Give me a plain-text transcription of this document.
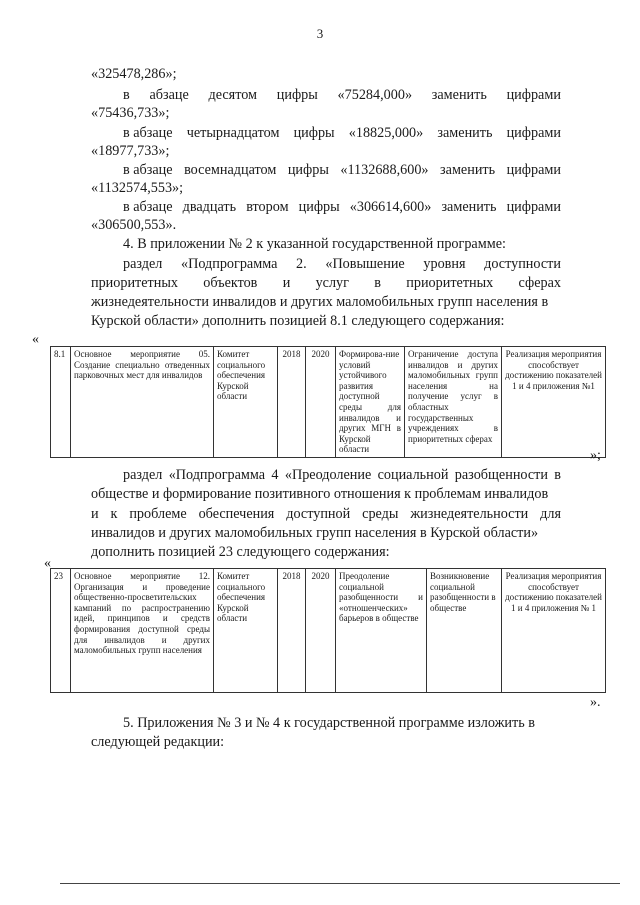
3
«325478,286»;
в абзаце десятом цифры «75284,000» заменить цифрами
«75436,733»;
в абзаце четырнадцатом цифры «18825,000» заменить цифрами
«18977,733»;
в абзаце восемнадцатом цифры «1132688,600» заменить цифрами
«1132574,553»;
в абзаце двадцать втором цифры «306614,600» заменить цифрами
«306500,553».
4. В приложении № 2 к указанной государственной программе:
раздел «Подпрограмма 2. «Повышение уровня доступности
приоритетных объектов и услуг в приоритетных сферах
жизнедеятельности инвалидов и других маломобильных групп населения в
Курской области» дополнить позицией 8.1 следующего содержания:
«
8.1	Основное мероприятие 05. Создание специально отведенных парковочных мест для инвалидов	Комитет социального обеспечения Курской области	2018	2020	Формирова-ние условий устойчивого развития доступной среды для инвалидов и других МГН в Курской области	Ограничение доступа инвалидов и других маломобильных групп населения на получение услуг в областных государственных учреждениях в приоритетных сферах	Реализация мероприятия способствует достижению показателей 1 и 4 приложения №1
»;
раздел «Подпрограмма 4 «Преодоление социальной разобщенности в
обществе и формирование позитивного отношения к проблемам инвалидов
и к проблеме обеспечения доступной среды жизнедеятельности для
инвалидов и других маломобильных групп населения в Курской области»
дополнить позицией 23 следующего содержания:
«
23	Основное мероприятие 12. Организация и проведение общественно-просветительских кампаний по распространению идей, принципов и средств формирования доступной среды для инвалидов и других маломобильных групп населения	Комитет социального обеспечения Курской области	2018	2020	Преодоление социальной разобщенности и «отношенческих» барьеров в обществе	Возникновение социальной разобщенности в обществе	Реализация мероприятия способствует достижению показателей 1 и 4 приложения № 1
».
5. Приложения № 3 и № 4 к государственной программе изложить в
следующей редакции:
